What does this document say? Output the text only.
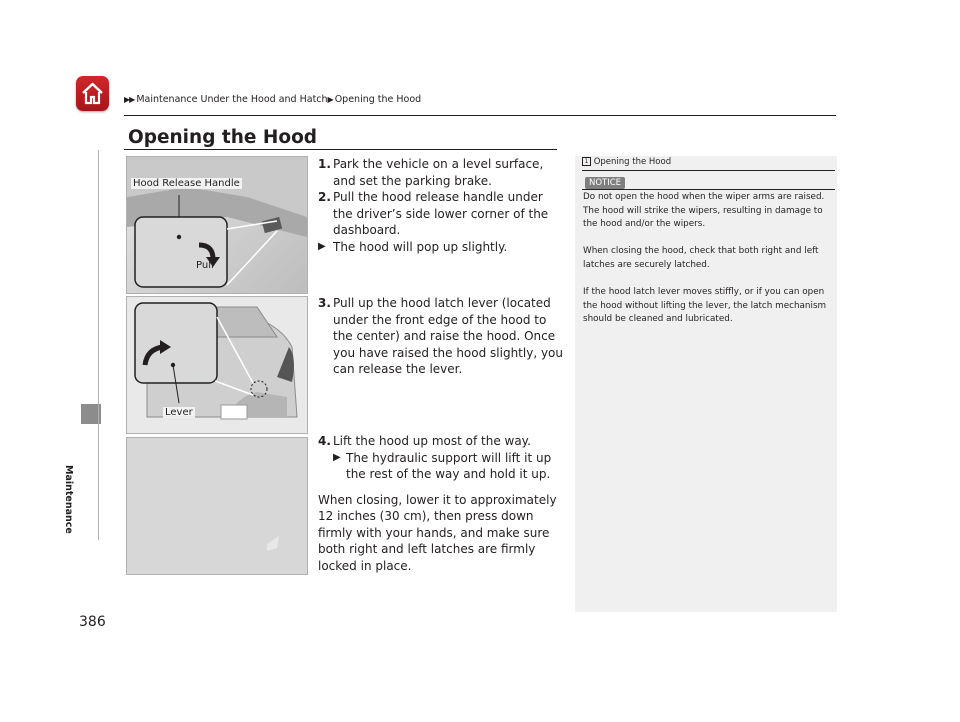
▶▶ Maintenance Under the Hood and Hatch▶ Opening the Hood
Maintenance
386
Opening the Hood
Hood Release Handle
Pull
Lever
1. Park the vehicle on a level surface, and set the parking brake.
2. Pull the hood release handle under the driver’s side lower corner of the dashboard.
▶ The hood will pop up slightly.
3. Pull up the hood latch lever (located under the front edge of the hood to the center) and raise the hood. Once you have raised the hood slightly, you can release the lever.
4. Lift the hood up most of the way.
▶ The hydraulic support will lift it up the rest of the way and hold it up.
When closing, lower it to approximately 12 inches (30 cm), then press down firmly with your hands, and make sure both right and left latches are firmly locked in place.
1 Opening the Hood
NOTICE
Do not open the hood when the wiper arms are raised. The hood will strike the wipers, resulting in damage to the hood and/or the wipers.
When closing the hood, check that both right and left latches are securely latched.
If the hood latch lever moves stiffly, or if you can open the hood without lifting the lever, the latch mechanism should be cleaned and lubricated.
